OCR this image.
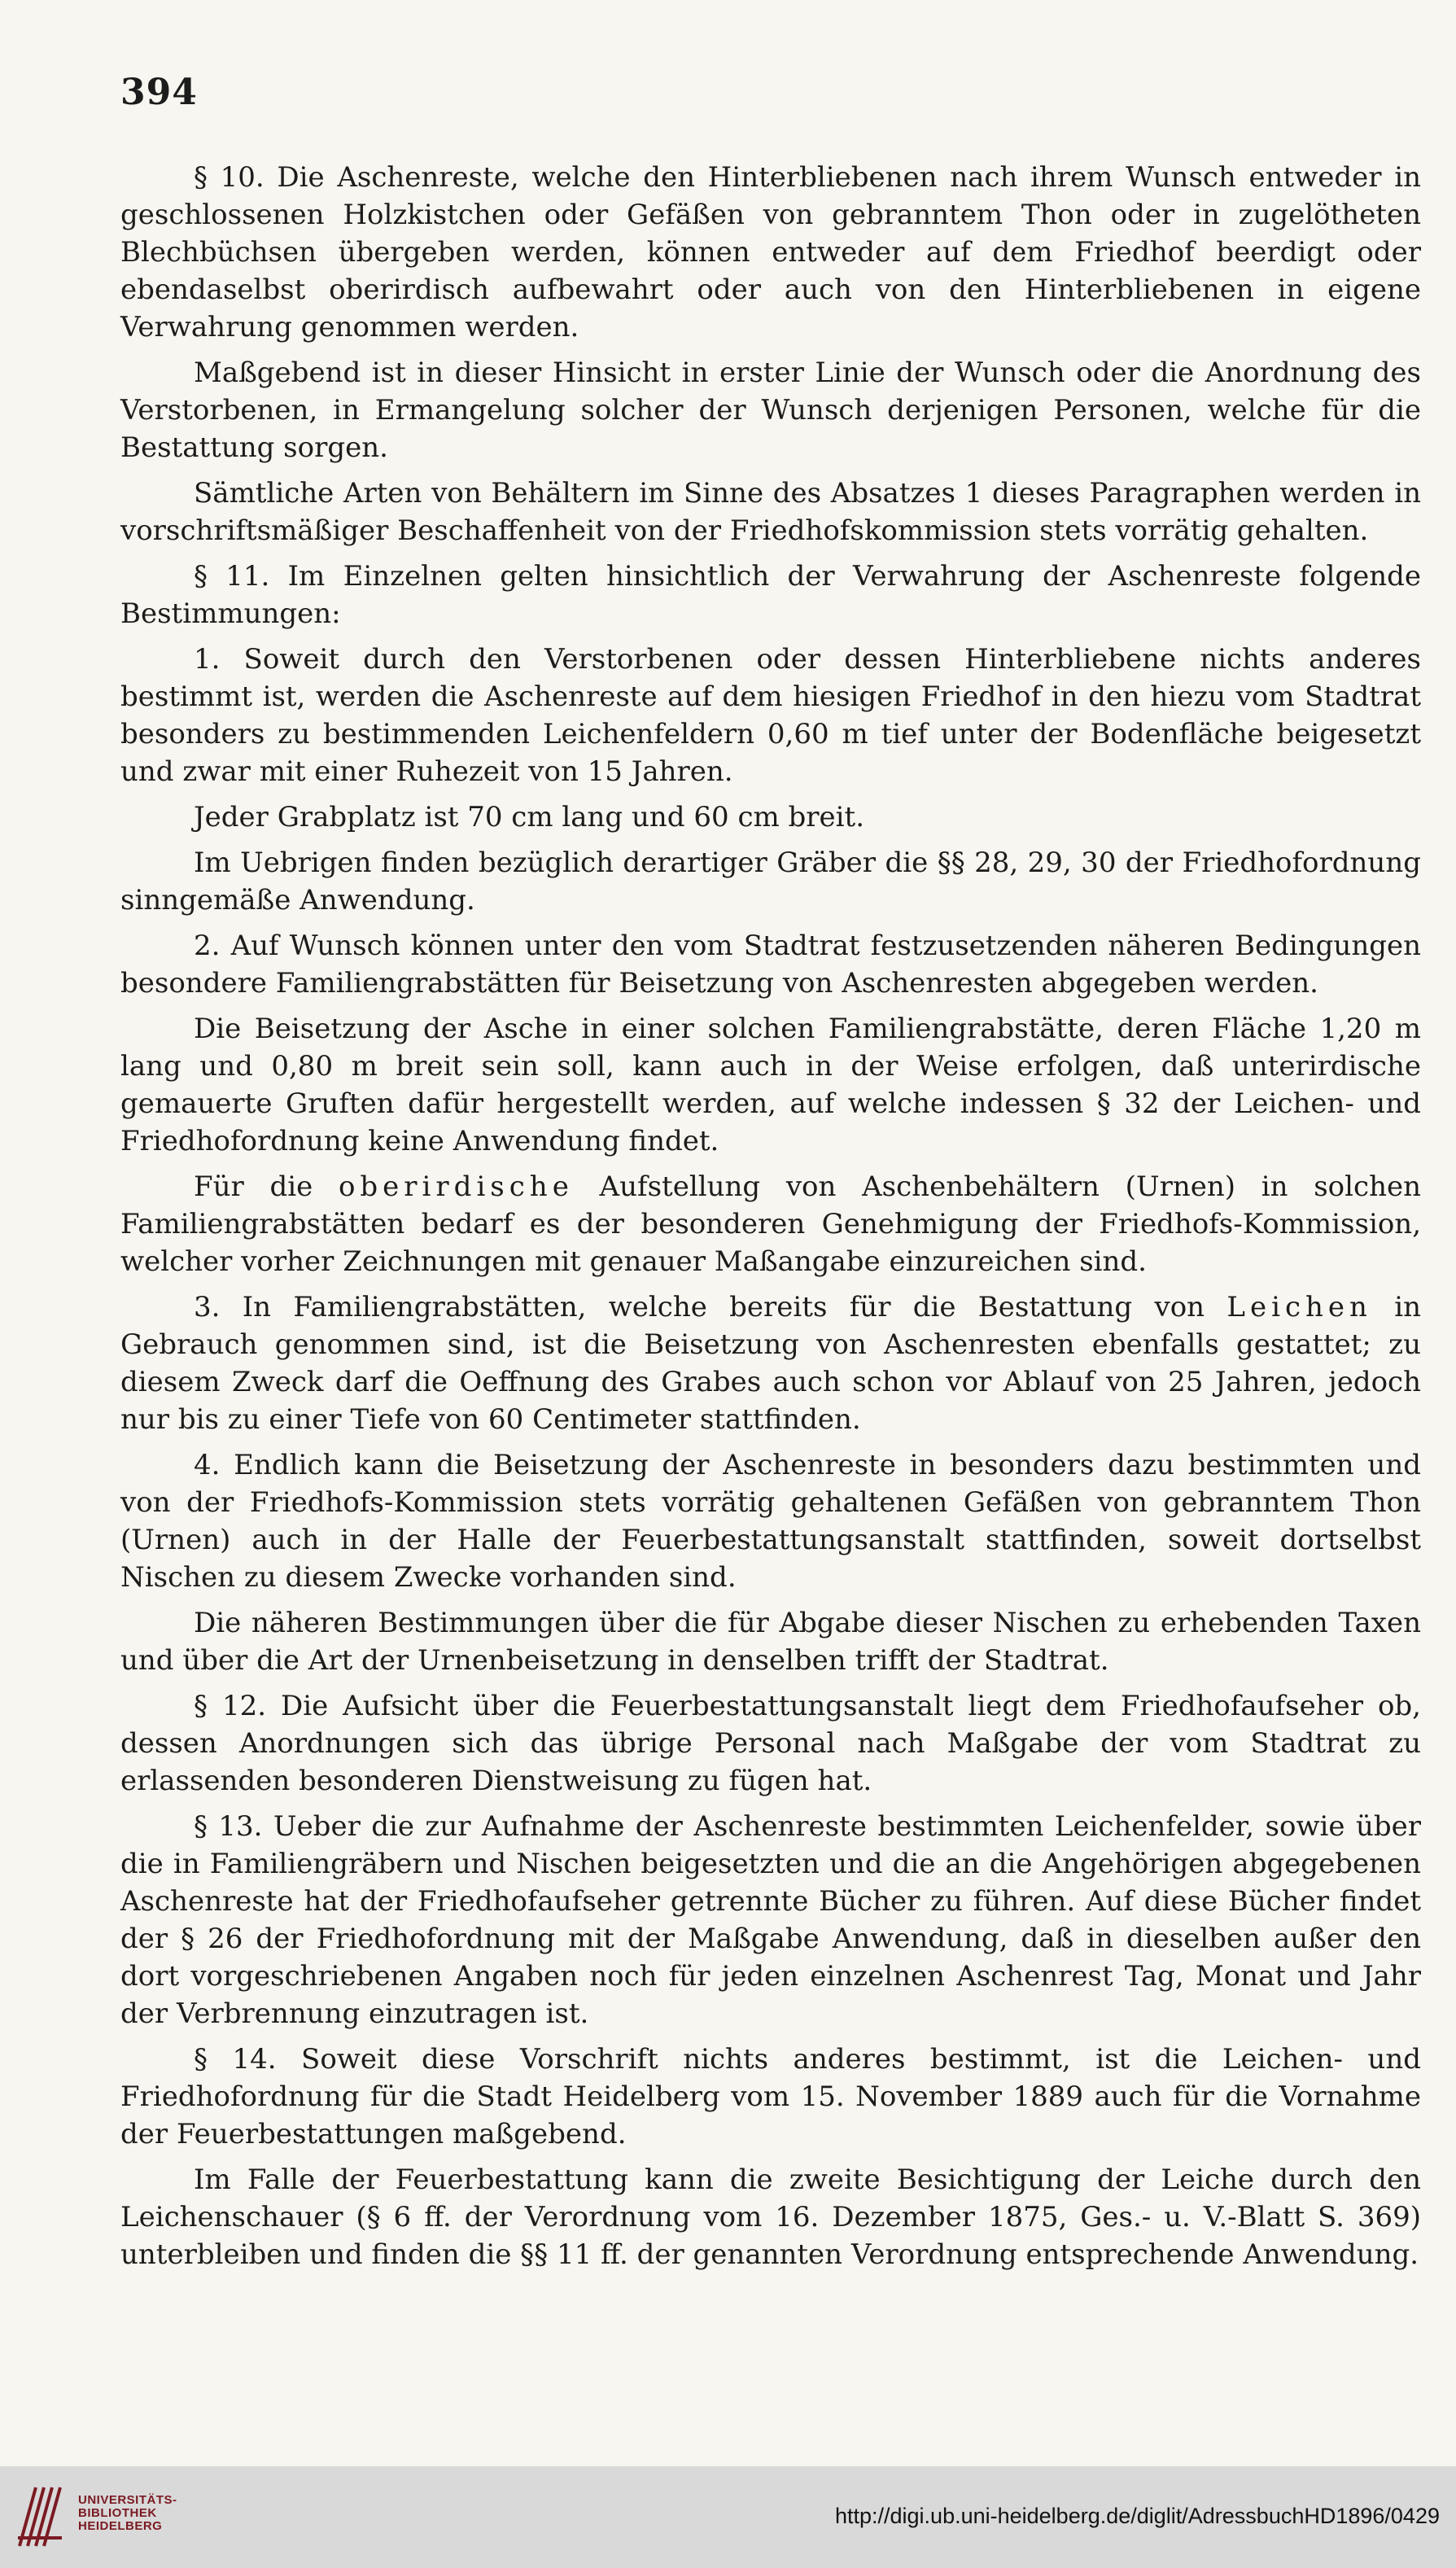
394

§ 10. Die Aschenreste, welche den Hinterbliebenen nach ihrem Wunsch entweder in geschlossenen Holzkistchen oder Gefäßen von gebranntem Thon oder in zugelötheten Blechbüchsen übergeben werden, können entweder auf dem Friedhof beerdigt oder ebendaselbst oberirdisch aufbewahrt oder auch von den Hinterbliebenen in eigene Verwahrung genommen werden.

Maßgebend ist in dieser Hinsicht in erster Linie der Wunsch oder die Anordnung des Verstorbenen, in Ermangelung solcher der Wunsch derjenigen Personen, welche für die Bestattung sorgen.

Sämtliche Arten von Behältern im Sinne des Absatzes 1 dieses Paragraphen werden in vorschriftsmäßiger Beschaffenheit von der Friedhofskommission stets vorrätig gehalten.

§ 11. Im Einzelnen gelten hinsichtlich der Verwahrung der Aschenreste folgende Bestimmungen:

1. Soweit durch den Verstorbenen oder dessen Hinterbliebene nichts anderes bestimmt ist, werden die Aschenreste auf dem hiesigen Friedhof in den hiezu vom Stadtrat besonders zu bestimmenden Leichenfeldern 0,60 m tief unter der Bodenfläche beigesetzt und zwar mit einer Ruhezeit von 15 Jahren.

Jeder Grabplatz ist 70 cm lang und 60 cm breit.

Im Uebrigen finden bezüglich derartiger Gräber die §§ 28, 29, 30 der Friedhofordnung sinngemäße Anwendung.

2. Auf Wunsch können unter den vom Stadtrat festzusetzenden näheren Bedingungen besondere Familiengrabstätten für Beisetzung von Aschenresten abgegeben werden.

Die Beisetzung der Asche in einer solchen Familiengrabstätte, deren Fläche 1,20 m lang und 0,80 m breit sein soll, kann auch in der Weise erfolgen, daß unterirdische gemauerte Gruften dafür hergestellt werden, auf welche indessen § 32 der Leichen- und Friedhofordnung keine Anwendung findet.

Für die oberirdische Aufstellung von Aschenbehältern (Urnen) in solchen Familiengrabstätten bedarf es der besonderen Genehmigung der Friedhofs-Kommission, welcher vorher Zeichnungen mit genauer Maßangabe einzureichen sind.

3. In Familiengrabstätten, welche bereits für die Bestattung von Leichen in Gebrauch genommen sind, ist die Beisetzung von Aschenresten ebenfalls gestattet; zu diesem Zweck darf die Oeffnung des Grabes auch schon vor Ablauf von 25 Jahren, jedoch nur bis zu einer Tiefe von 60 Centimeter stattfinden.

4. Endlich kann die Beisetzung der Aschenreste in besonders dazu bestimmten und von der Friedhofs-Kommission stets vorrätig gehaltenen Gefäßen von gebranntem Thon (Urnen) auch in der Halle der Feuerbestattungsanstalt stattfinden, soweit dortselbst Nischen zu diesem Zwecke vorhanden sind.

Die näheren Bestimmungen über die für Abgabe dieser Nischen zu erhebenden Taxen und über die Art der Urnenbeisetzung in denselben trifft der Stadtrat.

§ 12. Die Aufsicht über die Feuerbestattungsanstalt liegt dem Friedhofaufseher ob, dessen Anordnungen sich das übrige Personal nach Maßgabe der vom Stadtrat zu erlassenden besonderen Dienstweisung zu fügen hat.

§ 13. Ueber die zur Aufnahme der Aschenreste bestimmten Leichenfelder, sowie über die in Familiengräbern und Nischen beigesetzten und die an die Angehörigen abgegebenen Aschenreste hat der Friedhofaufseher getrennte Bücher zu führen. Auf diese Bücher findet der § 26 der Friedhofordnung mit der Maßgabe Anwendung, daß in dieselben außer den dort vorgeschriebenen Angaben noch für jeden einzelnen Aschenrest Tag, Monat und Jahr der Verbrennung einzutragen ist.

§ 14. Soweit diese Vorschrift nichts anderes bestimmt, ist die Leichen- und Friedhofordnung für die Stadt Heidelberg vom 15. November 1889 auch für die Vornahme der Feuerbestattungen maßgebend.

Im Falle der Feuerbestattung kann die zweite Besichtigung der Leiche durch den Leichenschauer (§ 6 ff. der Verordnung vom 16. Dezember 1875, Ges.- u. V.-Blatt S. 369) unterbleiben und finden die §§ 11 ff. der genannten Verordnung entsprechende Anwendung.

UNIVERSITÄTS-
BIBLIOTHEK
HEIDELBERG	http://digi.ub.uni-heidelberg.de/diglit/AdressbuchHD1896/0429
